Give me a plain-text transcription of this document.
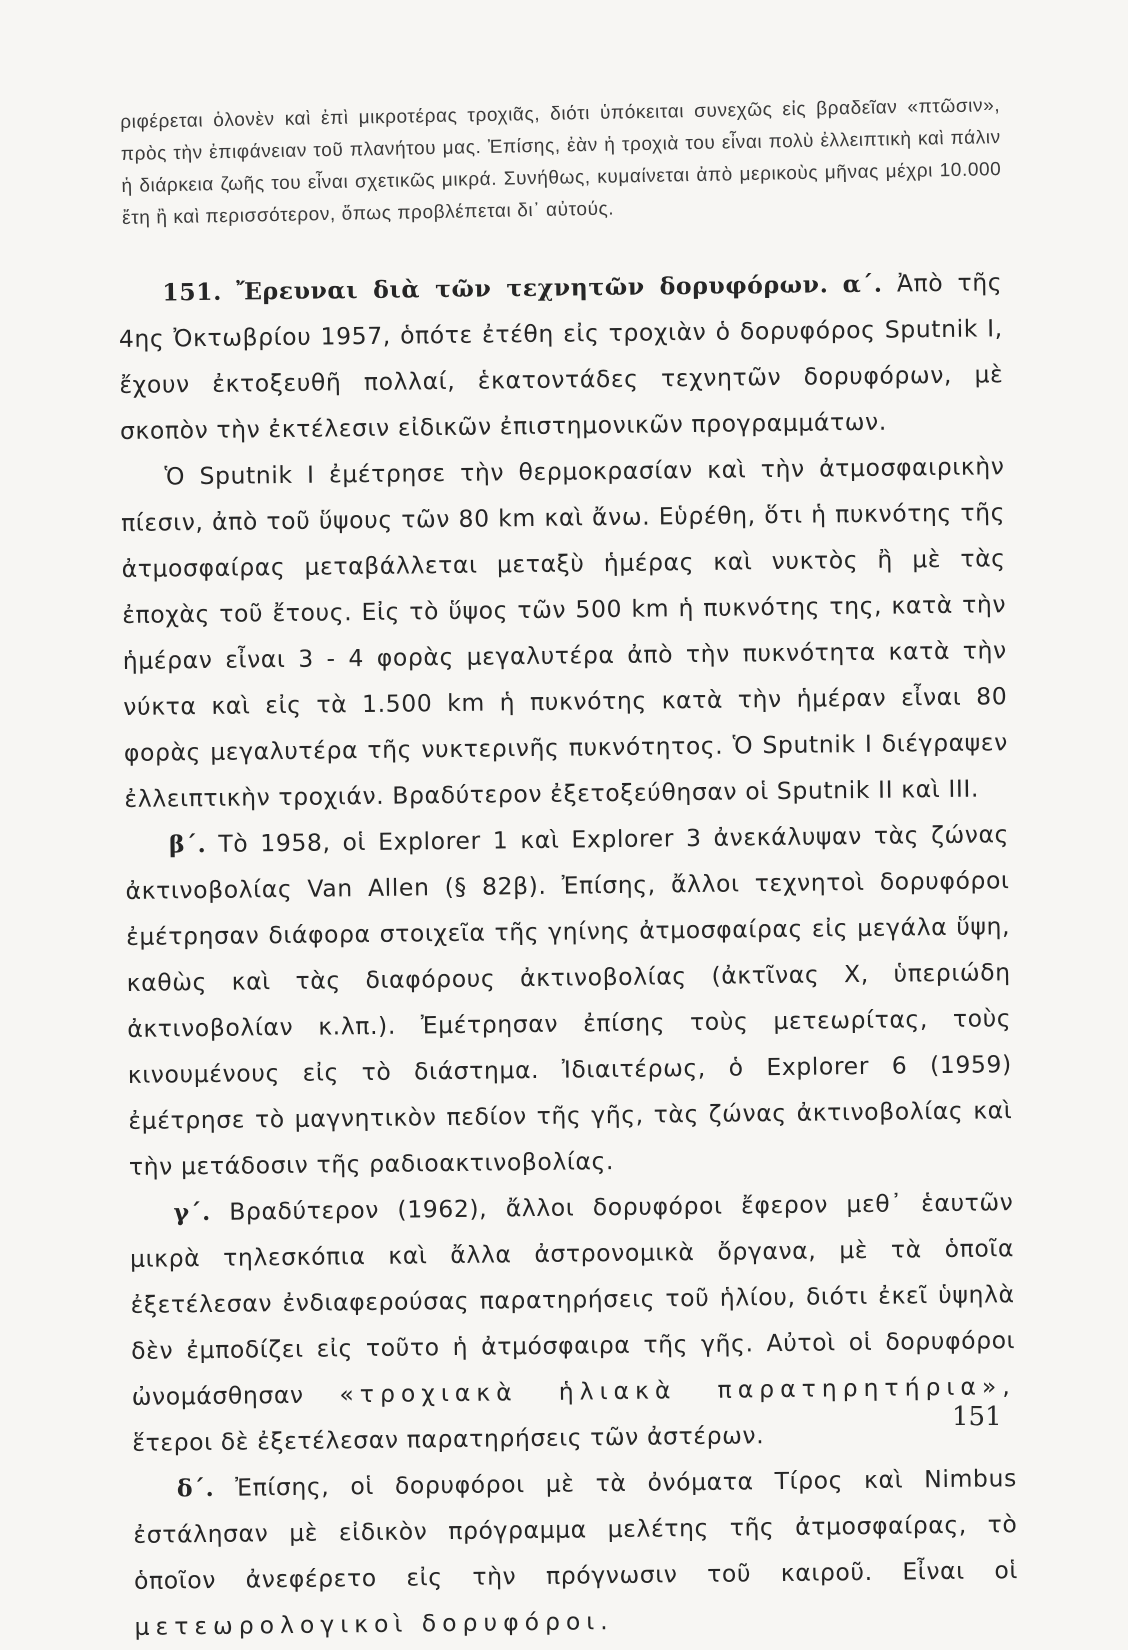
ριφέρεται ὁλονὲν καὶ ἐπὶ μικροτέρας τροχιᾶς, διότι ὑπόκειται συνεχῶς εἰς βραδεῖαν «πτῶσιν», πρὸς τὴν ἐπιφάνειαν τοῦ πλανήτου μας. Ἐπίσης, ἐὰν ἡ τροχιὰ του εἶναι πολὺ ἐλλειπτικὴ καὶ πάλιν ἡ διάρκεια ζωῆς του εἶναι σχετικῶς μικρά. Συνήθως, κυμαίνεται ἀπὸ μερικοὺς μῆνας μέχρι 10.000 ἔτη ἢ καὶ περισσότερον, ὅπως προβλέπεται δι᾽ αὐτούς.

151. Ἔρευναι διὰ τῶν τεχνητῶν δορυφόρων. α΄. Ἀπὸ τῆς 4ης Ὀκτωβρίου 1957, ὁπότε ἐτέθη εἰς τροχιὰν ὁ δορυφόρος Sputnik I, ἔχουν ἐκτοξευθῆ πολλαί, ἑκατοντάδες τεχνητῶν δορυφόρων, μὲ σκοπὸν τὴν ἐκτέλεσιν εἰδικῶν ἐπιστημονικῶν προγραμμάτων.

Ὁ Sputnik I ἐμέτρησε τὴν θερμοκρασίαν καὶ τὴν ἀτμοσφαιρικὴν πίεσιν, ἀπὸ τοῦ ὕψους τῶν 80 km καὶ ἄνω. Εὑρέθη, ὅτι ἡ πυκνότης τῆς ἀτμοσφαίρας μεταβάλλεται μεταξὺ ἡμέρας καὶ νυκτὸς ἢ μὲ τὰς ἐποχὰς τοῦ ἔτους. Εἰς τὸ ὕψος τῶν 500 km ἡ πυκνότης της, κατὰ τὴν ἡμέραν εἶναι 3 - 4 φορὰς μεγαλυτέρα ἀπὸ τὴν πυκνότητα κατὰ τὴν νύκτα καὶ εἰς τὰ 1.500 km ἡ πυκνότης κατὰ τὴν ἡμέραν εἶναι 80 φορὰς μεγαλυτέρα τῆς νυκτερινῆς πυκνότητος. Ὁ Sputnik I διέγραψεν ἐλλειπτικὴν τροχιάν. Βραδύτερον ἐξετοξεύθησαν οἱ Sputnik II καὶ III.

β΄. Τὸ 1958, οἱ Explorer 1 καὶ Explorer 3 ἀνεκάλυψαν τὰς ζώνας ἀκτινοβολίας Van Allen (§ 82β). Ἐπίσης, ἄλλοι τεχνητοὶ δορυφόροι ἐμέτρησαν διάφορα στοιχεῖα τῆς γηίνης ἀτμοσφαίρας εἰς μεγάλα ὕψη, καθὼς καὶ τὰς διαφόρους ἀκτινοβολίας (ἀκτῖνας Χ, ὑπεριώδη ἀκτινοβολίαν κ.λπ.). Ἐμέτρησαν ἐπίσης τοὺς μετεωρίτας, τοὺς κινουμένους εἰς τὸ διάστημα. Ἰδιαιτέρως, ὁ Explorer 6 (1959) ἐμέτρησε τὸ μαγνητικὸν πεδίον τῆς γῆς, τὰς ζώνας ἀκτινοβολίας καὶ τὴν μετάδοσιν τῆς ραδιοακτινοβολίας.

γ΄. Βραδύτερον (1962), ἄλλοι δορυφόροι ἔφερον μεθ᾽ ἑαυτῶν μικρὰ τηλεσκόπια καὶ ἄλλα ἀστρονομικὰ ὄργανα, μὲ τὰ ὁποῖα ἐξετέλεσαν ἐνδιαφερούσας παρατηρήσεις τοῦ ἡλίου, διότι ἐκεῖ ὑψηλὰ δὲν ἐμποδίζει εἰς τοῦτο ἡ ἀτμόσφαιρα τῆς γῆς. Αὐτοὶ οἱ δορυφόροι ὠνομάσθησαν «τροχιακὰ ἡλιακὰ παρατηρητήρια», ἕτεροι δὲ ἐξετέλεσαν παρατηρήσεις τῶν ἀστέρων.

δ΄. Ἐπίσης, οἱ δορυφόροι μὲ τὰ ὀνόματα Τίρος καὶ Nimbus ἐστάλησαν μὲ εἰδικὸν πρόγραμμα μελέτης τῆς ἀτμοσφαίρας, τὸ ὁποῖον ἀνεφέρετο εἰς τὴν πρόγνωσιν τοῦ καιροῦ. Εἶναι οἱ μετεωρολογικοὶ δορυφόροι.

151
